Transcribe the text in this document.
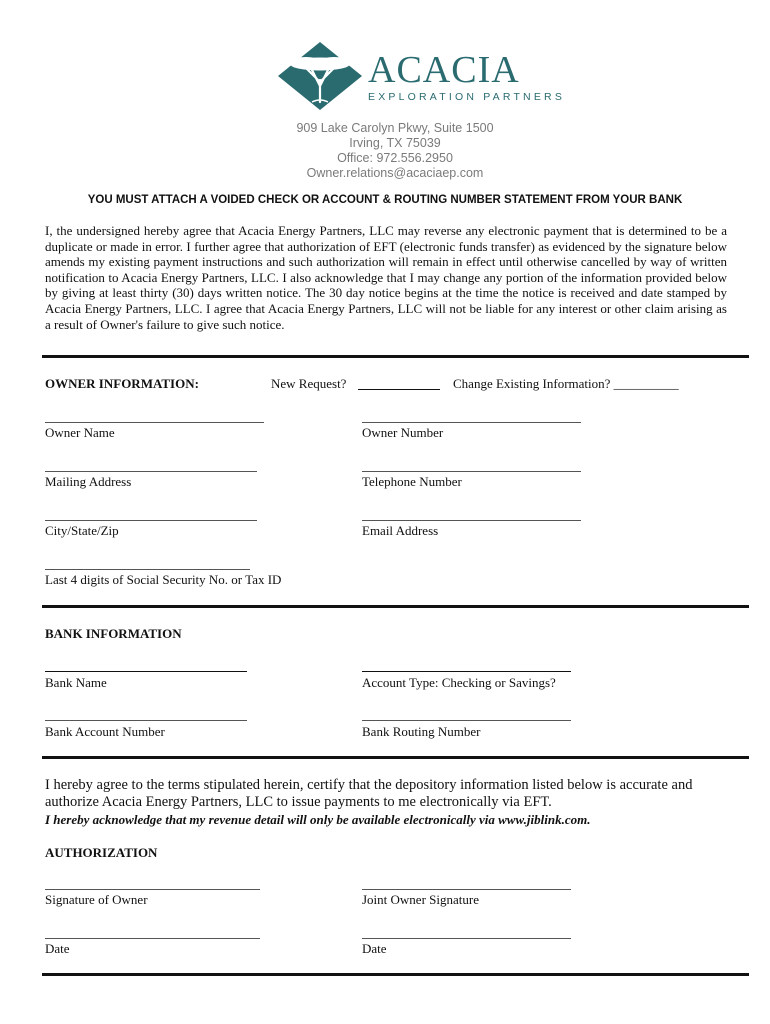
ACACIA
EXPLORATION PARTNERS
909 Lake Carolyn Pkwy, Suite 1500
Irving, TX 75039
Office: 972.556.2950
Owner.relations@acaciaep.com
YOU MUST ATTACH A VOIDED CHECK OR ACCOUNT & ROUTING NUMBER STATEMENT FROM YOUR BANK
I, the undersigned hereby agree that Acacia Energy Partners, LLC may reverse any electronic payment that is determined to be a duplicate or made in error. I further agree that authorization of EFT (electronic funds transfer) as evidenced by the signature below amends my existing payment instructions and such authorization will remain in effect until otherwise cancelled by way of written notification to Acacia Energy Partners, LLC. I also acknowledge that I may change any portion of the information provided below by giving at least thirty (30) days written notice. The 30 day notice begins at the time the notice is received and date stamped by Acacia Energy Partners, LLC. I agree that Acacia Energy Partners, LLC will not be liable for any interest or other claim arising as a result of Owner's failure to give such notice.
OWNER INFORMATION:	New Request?	Change Existing Information? __________
Owner Name	Owner Number
Mailing Address	Telephone Number
City/State/Zip	Email Address
Last 4 digits of Social Security No. or Tax ID
BANK INFORMATION
Bank Name	Account Type: Checking or Savings?
Bank Account Number	Bank Routing Number
I hereby agree to the terms stipulated herein, certify that the depository information listed below is accurate and authorize Acacia Energy Partners, LLC to issue payments to me electronically via EFT.
I hereby acknowledge that my revenue detail will only be available electronically via www.jiblink.com.
AUTHORIZATION
Signature of Owner	Joint Owner Signature
Date	Date
